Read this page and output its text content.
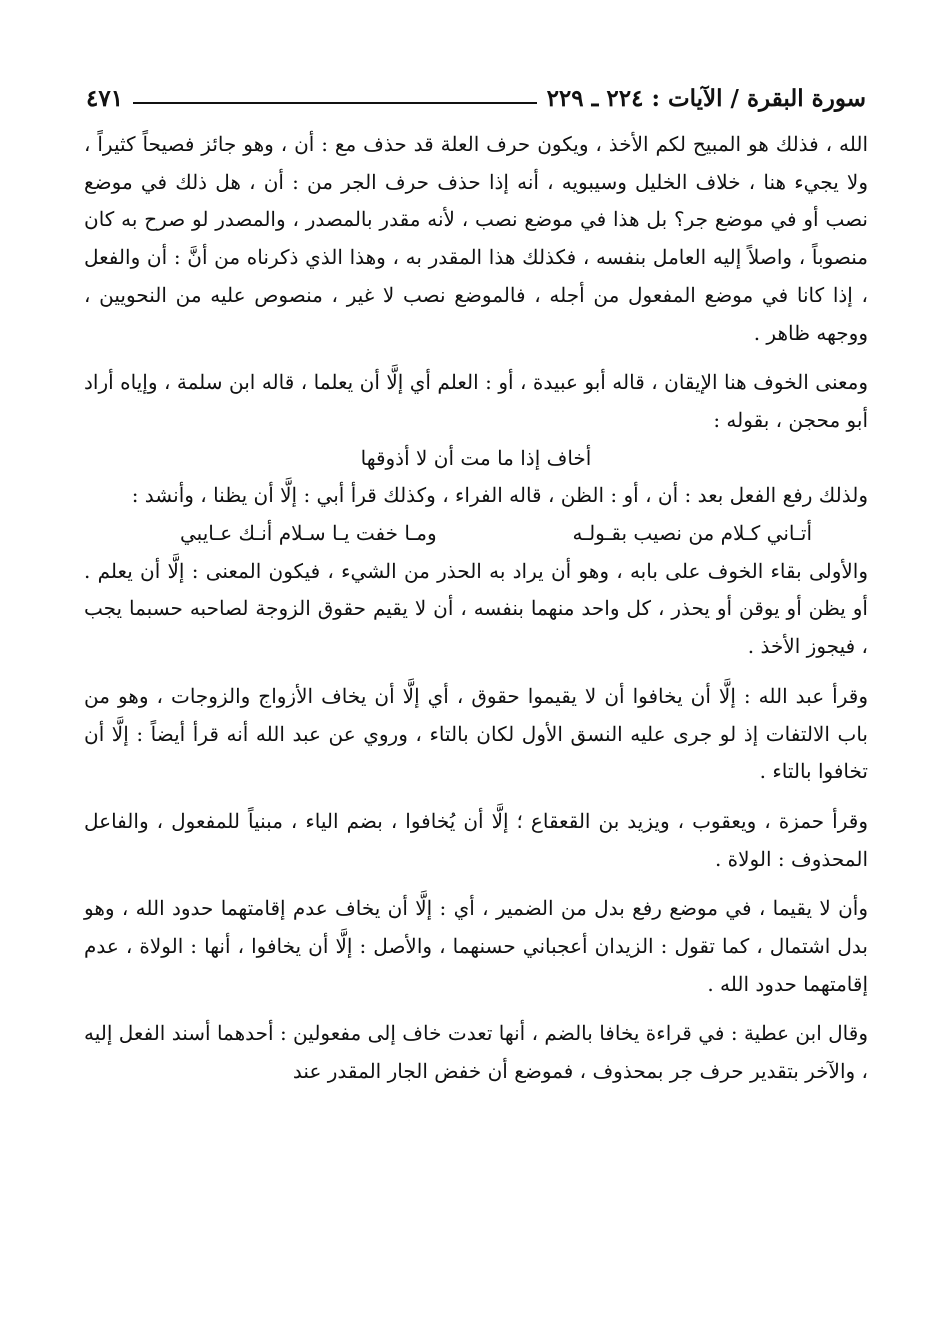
سورة البقرة / الآيات : ٢٢٤ ـ ٢٢٩
٤٧١

الله ، فذلك هو المبيح لكم الأخذ ، ويكون حرف العلة قد حذف مع : أن ، وهو جائز فصيحاً كثيراً ، ولا يجيء هنا ، خلاف الخليل وسيبويه ، أنه إذا حذف حرف الجر من : أن ، هل ذلك في موضع نصب أو في موضع جر؟ بل هذا في موضع نصب ، لأنه مقدر بالمصدر ، والمصدر لو صرح به كان منصوباً ، واصلاً إليه العامل بنفسه ، فكذلك هذا المقدر به ، وهذا الذي ذكرناه من أنَّ : أن والفعل ، إذا كانا في موضع المفعول من أجله ، فالموضع نصب لا غير ، منصوص عليه من النحويين ، ووجهه ظاهر .

ومعنى الخوف هنا الإيقان ، قاله أبو عبيدة ، أو : العلم أي إلَّا أن يعلما ، قاله ابن سلمة ، وإياه أراد أبو محجن ، بقوله :

أخاف إذا ما مت أن لا أذوقها

ولذلك رفع الفعل بعد : أن ، أو : الظن ، قاله الفراء ، وكذلك قرأ أبي : إلَّا أن يظنا ، وأنشد :

أتـاني كـلام من نصيب بقـولـه
ومـا خفت يـا سـلام أنـك عـايبي

والأولى بقاء الخوف على بابه ، وهو أن يراد به الحذر من الشيء ، فيكون المعنى : إلَّا أن يعلم . أو يظن أو يوقن أو يحذر ، كل واحد منهما بنفسه ، أن لا يقيم حقوق الزوجة لصاحبه حسبما يجب ، فيجوز الأخذ .

وقرأ عبد الله : إلَّا أن يخافوا أن لا يقيموا حقوق ، أي إلَّا أن يخاف الأزواج والزوجات ، وهو من باب الالتفات إذ لو جرى عليه النسق الأول لكان بالتاء ، وروي عن عبد الله أنه قرأ أيضاً : إلَّا أن تخافوا بالتاء .

وقرأ حمزة ، ويعقوب ، ويزيد بن القعقاع ؛ إلَّا أن يُخافوا ، بضم الياء ، مبنياً للمفعول ، والفاعل المحذوف : الولاة .

وأن لا يقيما ، في موضع رفع بدل من الضمير ، أي : إلَّا أن يخاف عدم إقامتهما حدود الله ، وهو بدل اشتمال ، كما تقول : الزيدان أعجباني حسنهما ، والأصل : إلَّا أن يخافوا ، أنها : الولاة ، عدم إقامتهما حدود الله .

وقال ابن عطية : في قراءة يخافا بالضم ، أنها تعدت خاف إلى مفعولين : أحدهما أسند الفعل إليه ، والآخر بتقدير حرف جر بمحذوف ، فموضع أن خفض الجار المقدر عند
